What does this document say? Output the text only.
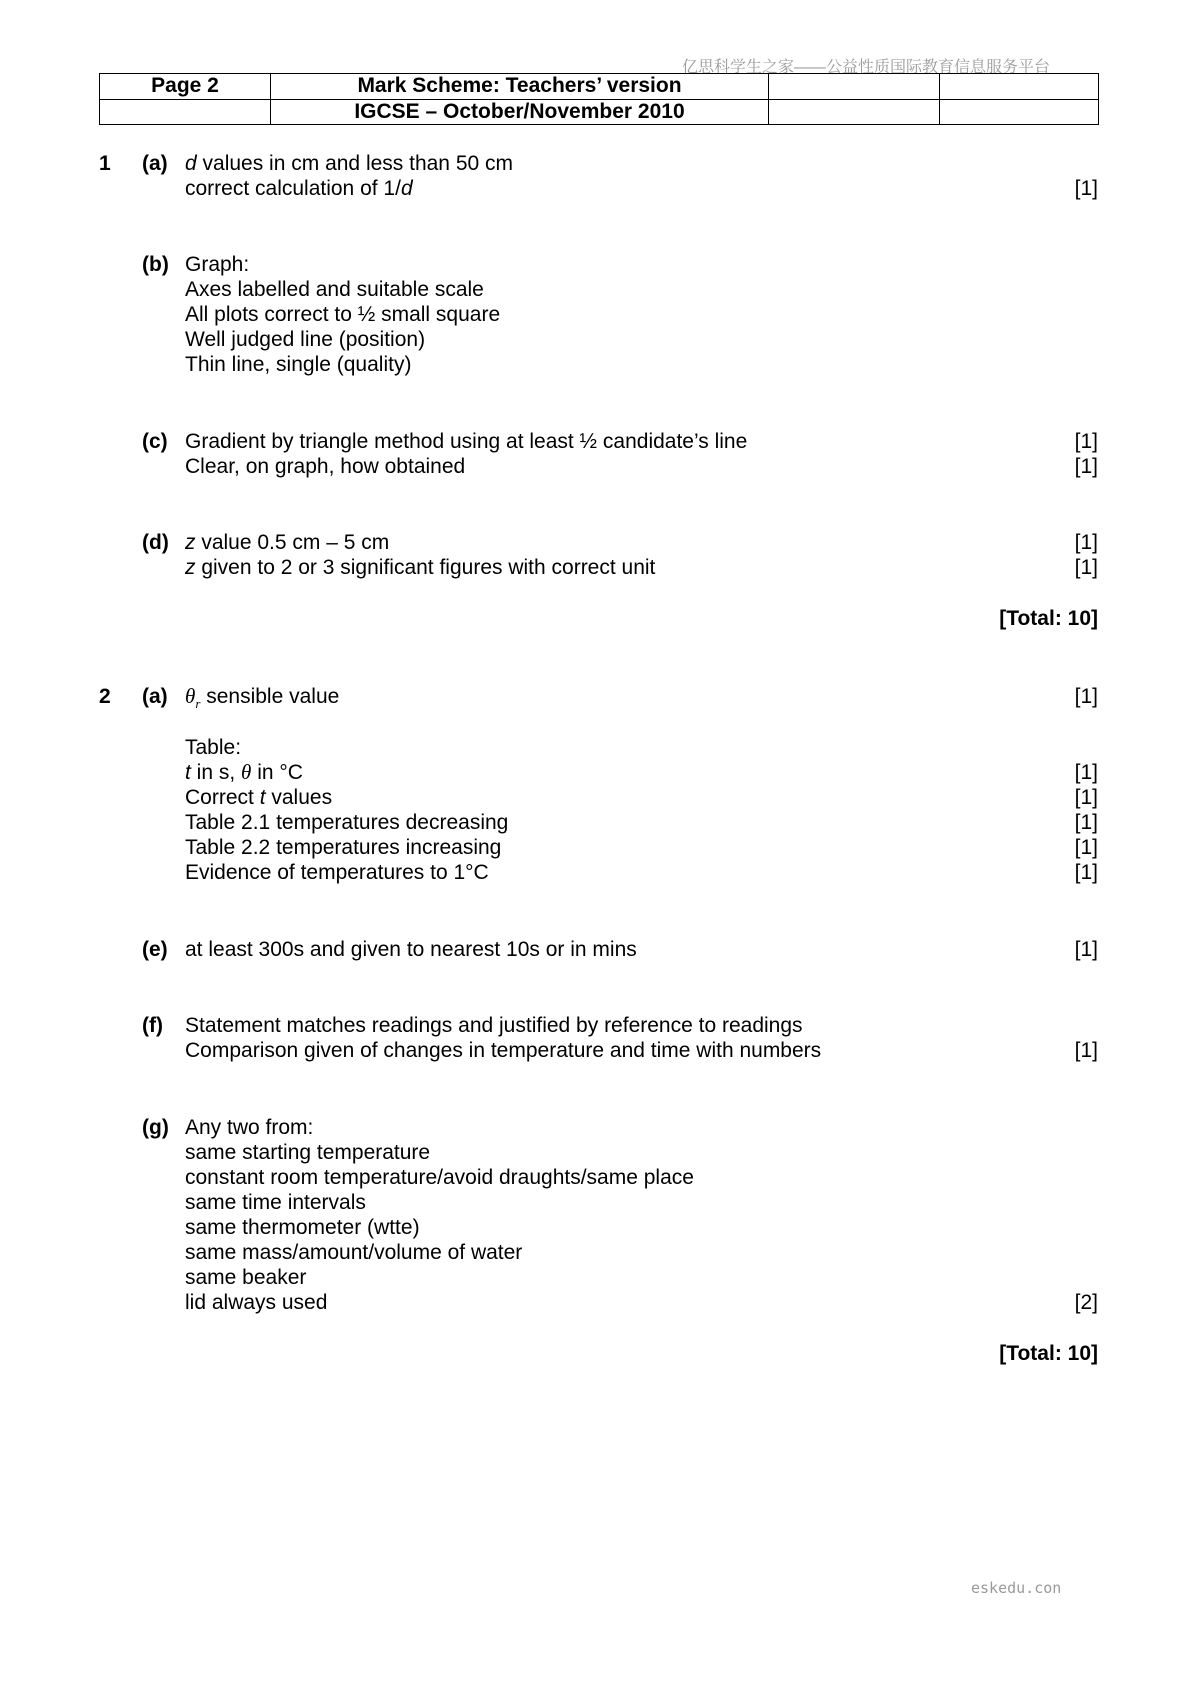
亿思科学生之家——公益性质国际教育信息服务平台
Page 2	Mark Scheme: Teachers’ version		
	IGCSE – October/November 2010		
1 (a) d values in cm and less than 50 cm
correct calculation of 1/d	[1]
(b) Graph:
Axes labelled and suitable scale
All plots correct to ½ small square
Well judged line (position)
Thin line, single (quality)
(c) Gradient by triangle method using at least ½ candidate’s line	[1]
Clear, on graph, how obtained	[1]
(d) z value 0.5 cm – 5 cm	[1]
z given to 2 or 3 significant figures with correct unit	[1]
[Total: 10]
2 (a) $\theta_r$ sensible value	[1]
Table:
t in s, θ in °C	[1]
Correct t values	[1]
Table 2.1 temperatures decreasing	[1]
Table 2.2 temperatures increasing	[1]
Evidence of temperatures to 1°C	[1]
(e) at least 300s and given to nearest 10s or in mins	[1]
(f) Statement matches readings and justified by reference to readings
Comparison given of changes in temperature and time with numbers	[1]
(g) Any two from:
same starting temperature
constant room temperature/avoid draughts/same place
same time intervals
same thermometer (wtte)
same mass/amount/volume of water
same beaker
lid always used	[2]
[Total: 10]
eskedu.con
